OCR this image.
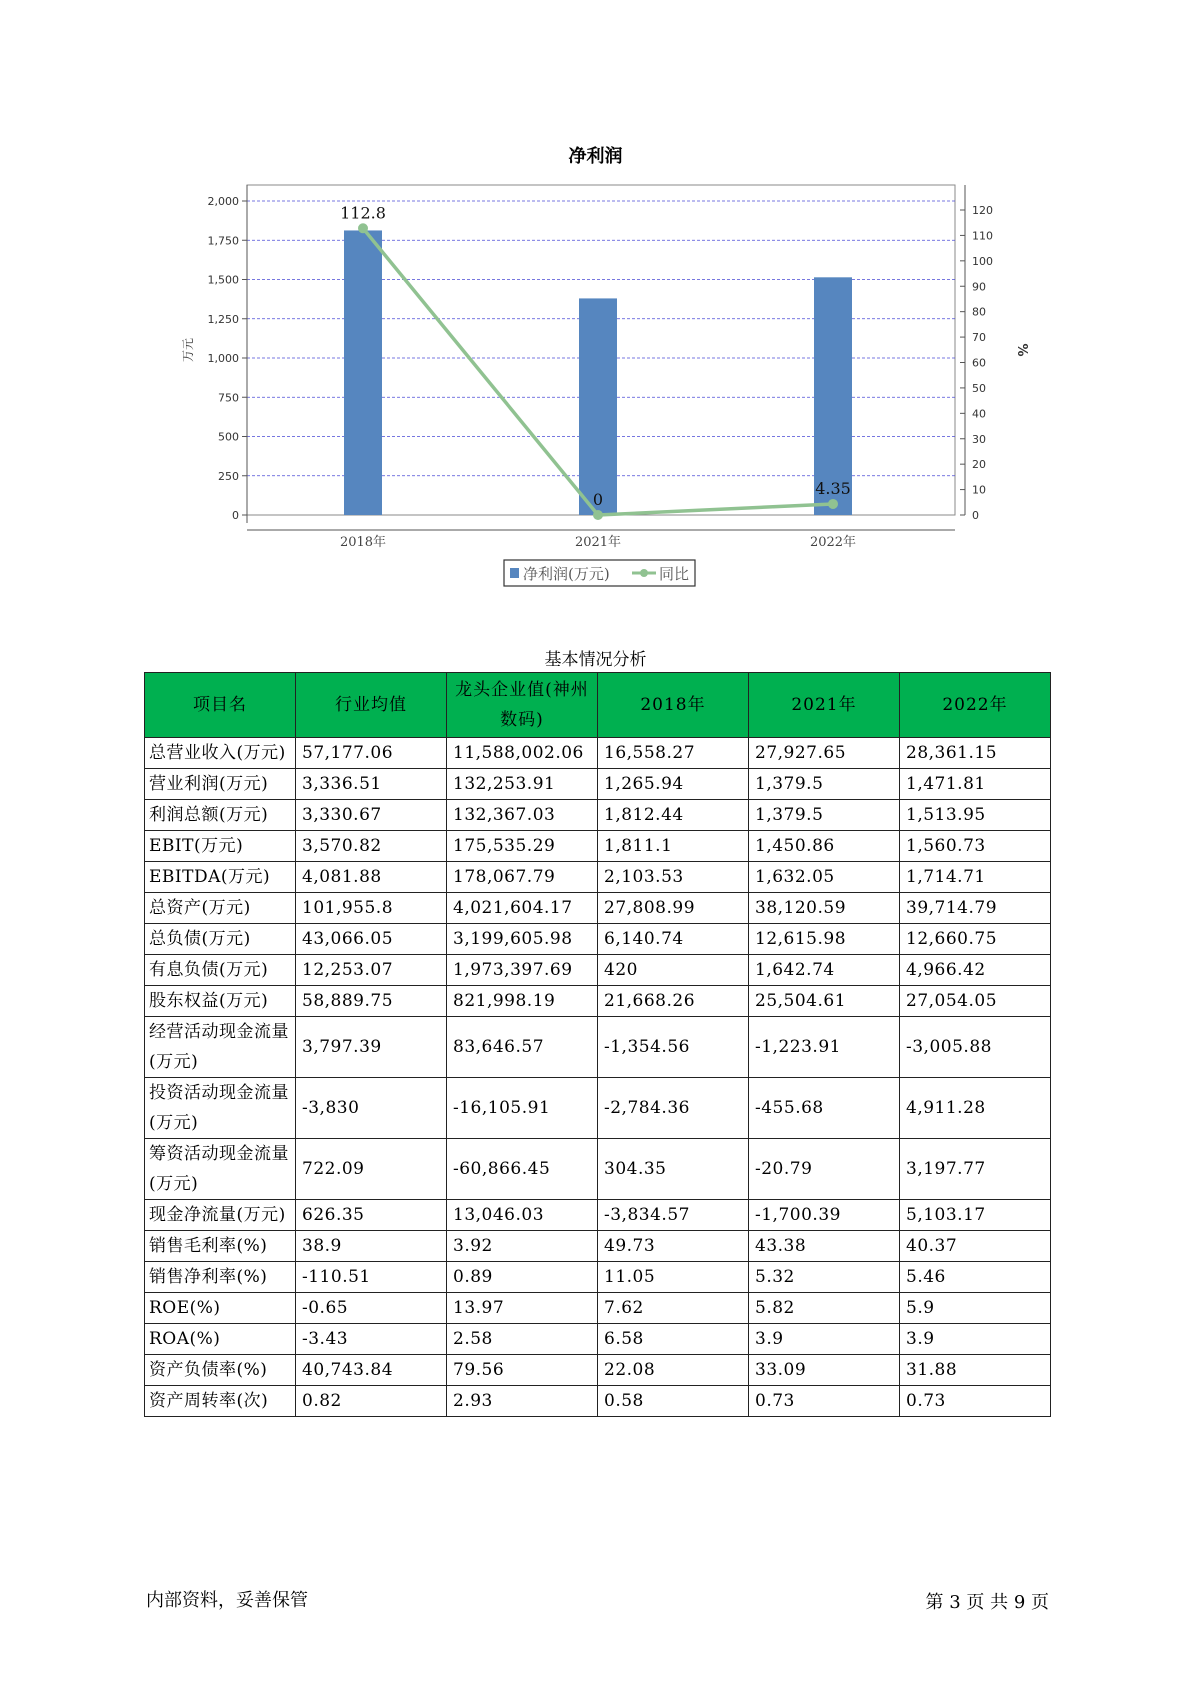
净利润
0
250
500
750
1,000
1,250
1,500
1,750
2,000
0
10
20
30
40
50
60
70
80
90
100
110
120
万元	%
2018年	2021年	2022年
112.8
0
4.35
净利润(万元)	同比
基本情况分析
项目名	行业均值	龙头企业值(神州数码)	2018年	2021年	2022年
总营业收入(万元)	57,177.06	11,588,002.06	16,558.27	27,927.65	28,361.15
营业利润(万元)	3,336.51	132,253.91	1,265.94	1,379.5	1,471.81
利润总额(万元)	3,330.67	132,367.03	1,812.44	1,379.5	1,513.95
EBIT(万元)	3,570.82	175,535.29	1,811.1	1,450.86	1,560.73
EBITDA(万元)	4,081.88	178,067.79	2,103.53	1,632.05	1,714.71
总资产(万元)	101,955.8	4,021,604.17	27,808.99	38,120.59	39,714.79
总负债(万元)	43,066.05	3,199,605.98	6,140.74	12,615.98	12,660.75
有息负债(万元)	12,253.07	1,973,397.69	420	1,642.74	4,966.42
股东权益(万元)	58,889.75	821,998.19	21,668.26	25,504.61	27,054.05
经营活动现金流量(万元)	3,797.39	83,646.57	-1,354.56	-1,223.91	-3,005.88
投资活动现金流量(万元)	-3,830	-16,105.91	-2,784.36	-455.68	4,911.28
筹资活动现金流量(万元)	722.09	-60,866.45	304.35	-20.79	3,197.77
现金净流量(万元)	626.35	13,046.03	-3,834.57	-1,700.39	5,103.17
销售毛利率(%)	38.9	3.92	49.73	43.38	40.37
销售净利率(%)	-110.51	0.89	11.05	5.32	5.46
ROE(%)	-0.65	13.97	7.62	5.82	5.9
ROA(%)	-3.43	2.58	6.58	3.9	3.9
资产负债率(%)	40,743.84	79.56	22.08	33.09	31.88
资产周转率(次)	0.82	2.93	0.58	0.73	0.73
内部资料，妥善保管	第 3 页 共 9 页
